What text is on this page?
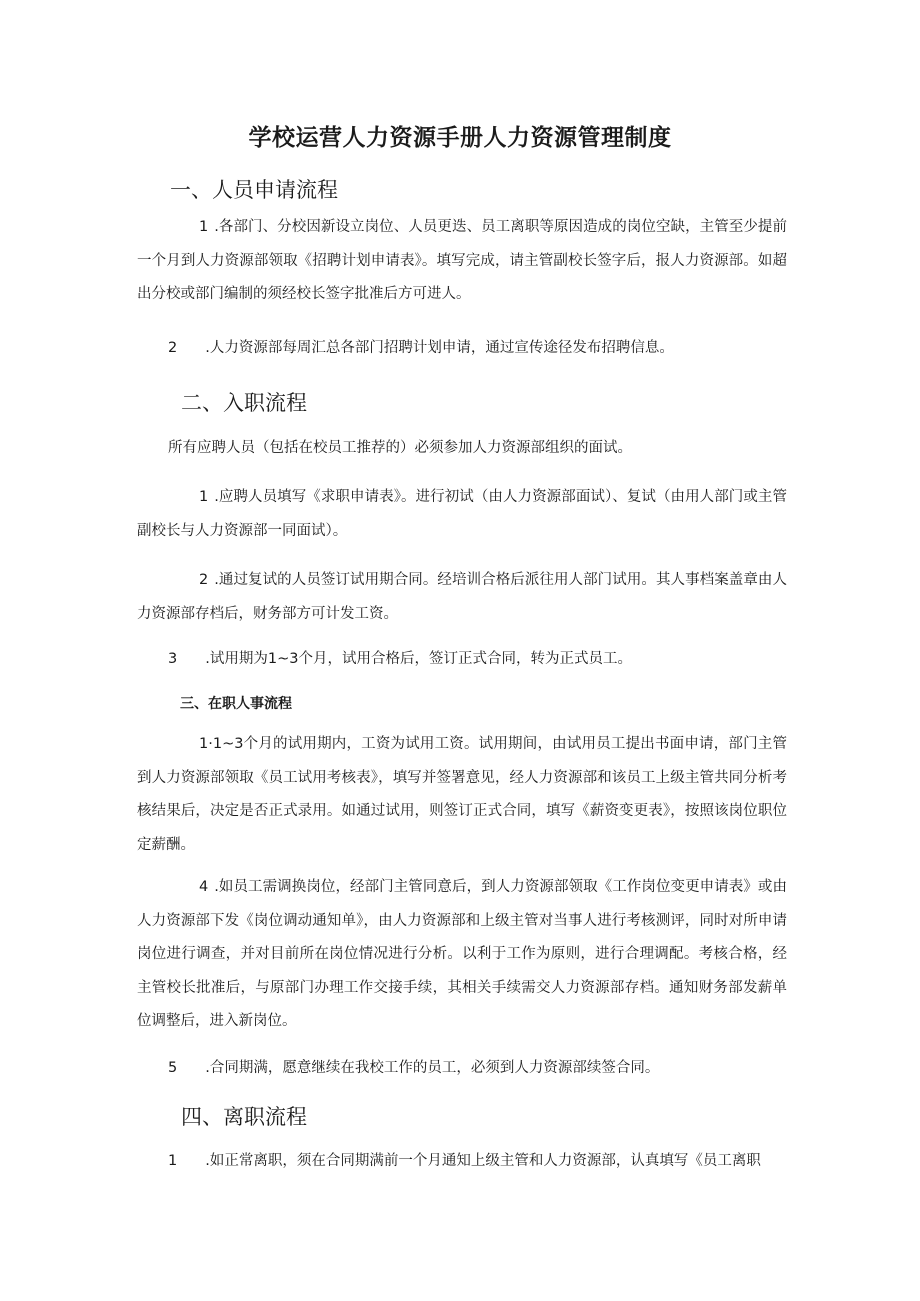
学校运营人力资源手册人力资源管理制度
一、人员申请流程

1 .各部门、分校因新设立岗位、人员更迭、员工离职等原因造成的岗位空缺，主管至少提前一个月到人力资源部领取《招聘计划申请表》。填写完成，请主管副校长签字后，报人力资源部。如超出分校或部门编制的须经校长签字批准后方可进人。

2 .人力资源部每周汇总各部门招聘计划申请，通过宣传途径发布招聘信息。

二、入职流程

所有应聘人员（包括在校员工推荐的）必须参加人力资源部组织的面试。

1 .应聘人员填写《求职申请表》。进行初试（由人力资源部面试）、复试（由用人部门或主管副校长与人力资源部一同面试）。

2 .通过复试的人员签订试用期合同。经培训合格后派往用人部门试用。其人事档案盖章由人力资源部存档后，财务部方可计发工资。

3 .试用期为1~3个月，试用合格后，签订正式合同，转为正式员工。

三、在职人事流程

1·1~3个月的试用期内，工资为试用工资。试用期间，由试用员工提出书面申请，部门主管到人力资源部领取《员工试用考核表》，填写并签署意见，经人力资源部和该员工上级主管共同分析考核结果后，决定是否正式录用。如通过试用，则签订正式合同，填写《薪资变更表》，按照该岗位职位定薪酬。

4 .如员工需调换岗位，经部门主管同意后，到人力资源部领取《工作岗位变更申请表》或由人力资源部下发《岗位调动通知单》，由人力资源部和上级主管对当事人进行考核测评，同时对所申请岗位进行调查，并对目前所在岗位情况进行分析。以利于工作为原则，进行合理调配。考核合格，经主管校长批准后，与原部门办理工作交接手续，其相关手续需交人力资源部存档。通知财务部发薪单位调整后，进入新岗位。

5 .合同期满，愿意继续在我校工作的员工，必须到人力资源部续签合同。

四、离职流程

1 .如正常离职，须在合同期满前一个月通知上级主管和人力资源部，认真填写《员工离职
